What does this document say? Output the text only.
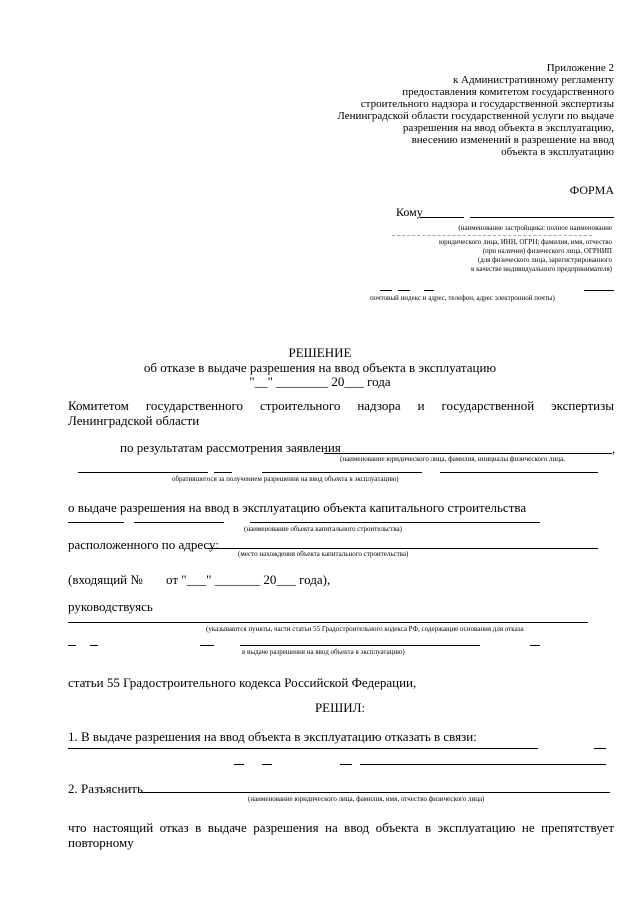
Приложение 2
к Административному регламенту
предоставления комитетом государственного
строительного надзора и государственной экспертизы
Ленинградской области государственной услуги по выдаче
разрешения на ввод объекта в эксплуатацию,
внесению изменений в разрешение на ввод
объекта в эксплуатацию
ФОРМА
Кому
(наименование застройщика: полное наименование
юридического лица, ИНН, ОГРН; фамилия, имя, отчество
(при наличии) физического лица, ОГРНИП
(для физического лица, зарегистрированного
в качестве индивидуального предпринимателя)
почтовый индекс и адрес, телефон, адрес электронной почты)
РЕШЕНИЕ
об отказе в выдаче разрешения на ввод объекта в эксплуатацию
"__" ________ 20___ года
Комитетом государственного строительного надзора и государственной экспертизы Ленинградской области
по результатам рассмотрения заявления	,
(наименование юридического лица, фамилия, инициалы физического лица,
обратившегося за получением разрешения на ввод объекта в эксплуатацию)
о выдаче разрешения на ввод в эксплуатацию объекта капитального строительства
(наименование объекта капитального строительства)
расположенного по адресу:
(место нахождения объекта капитального строительства)
(входящий № от "___" _______ 20___ года),
руководствуясь
(указываются пункты, части статьи 55 Градостроительного кодекса РФ, содержащие основания для отказа
в выдаче разрешения на ввод объекта в эксплуатацию)
статьи 55 Градостроительного кодекса Российской Федерации,
РЕШИЛ:
1. В выдаче разрешения на ввод объекта в эксплуатацию отказать в связи:
2. Разъяснить
(наименование юридического лица, фамилия, имя, отчество физического лица)
что настоящий отказ в выдаче разрешения на ввод объекта в эксплуатацию не препятствует повторному
